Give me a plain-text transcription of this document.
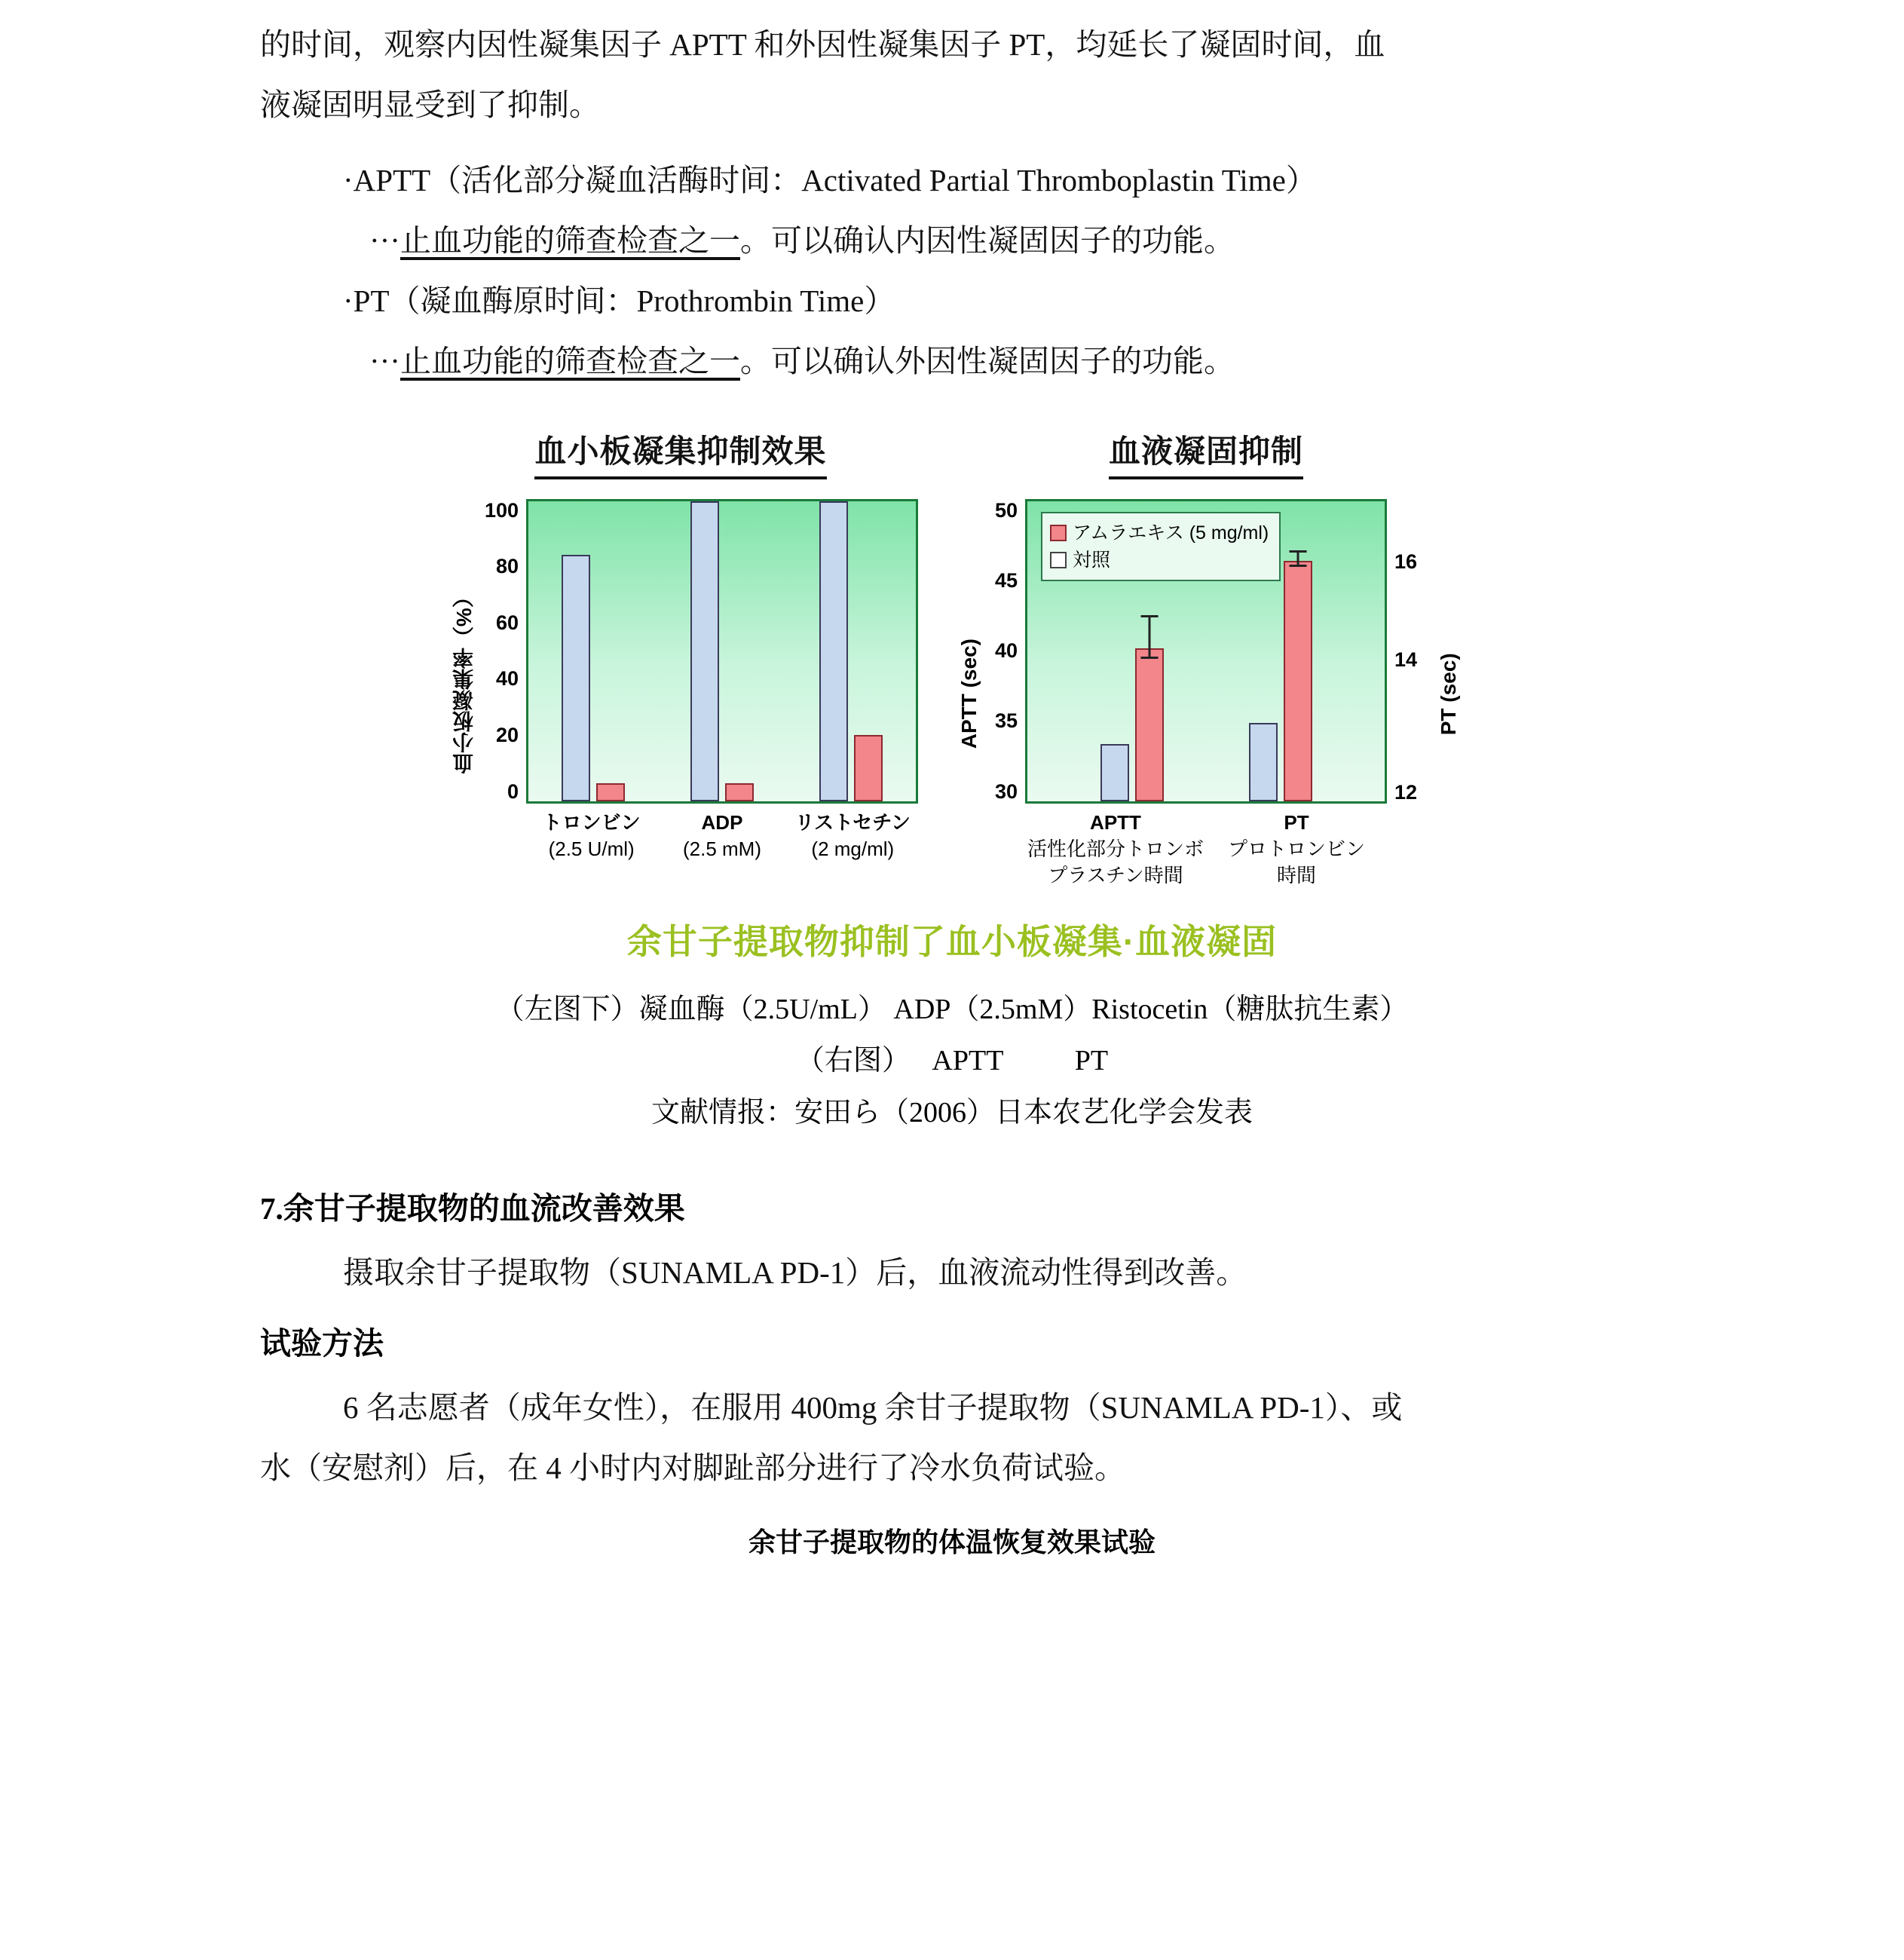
的时间，观察内因性凝集因子 APTT 和外因性凝集因子 PT，均延长了凝固时间，血
液凝固明显受到了抑制。
·APTT（活化部分凝血活酶时间：Activated Partial Thromboplastin Time）
···止血功能的筛查检查之一。可以确认内因性凝固因子的功能。
·PT（凝血酶原时间：Prothrombin Time）
···止血功能的筛查检查之一。可以确认外因性凝固因子的功能。
血小板凝集抑制效果
血小板凝集率（%）
100
80
60
40
20
0
トロンビン
(2.5 U/ml)
ADP
(2.5 mM)
リストセチン
(2 mg/ml)
血液凝固抑制
APTT (sec)
50
45
40
35
30
アムラエキス (5 mg/ml)
対照
APTT
活性化部分トロンボ
プラスチン時間
PT
プロトロンビン
時間
16
14
12
PT (sec)
余甘子提取物抑制了血小板凝集·血液凝固
（左图下）凝血酶（2.5U/mL） ADP（2.5mM）Ristocetin（糖肽抗生素）
（右图）　 APTT 　　 PT
文献情报：安田ら（2006）日本农艺化学会发表
7.余甘子提取物的血流改善效果
摄取余甘子提取物（SUNAMLA PD-1）后，血液流动性得到改善。
试验方法
6 名志愿者（成年女性），在服用 400mg 余甘子提取物（SUNAMLA PD-1）、或
水（安慰剂）后，在 4 小时内对脚趾部分进行了冷水负荷试验。
余甘子提取物的体温恢复效果试验
